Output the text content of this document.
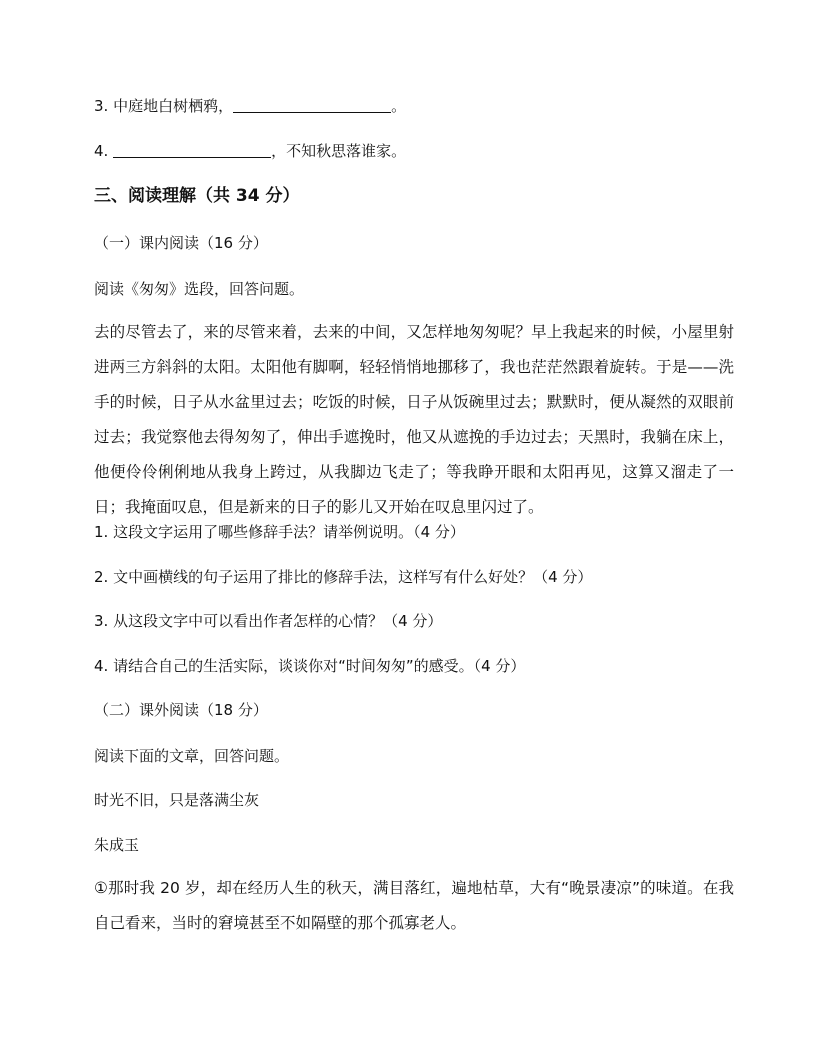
3. 中庭地白树栖鸦，	。
4.	，不知秋思落谁家。
三、阅读理解（共 34 分）
（一）课内阅读（16 分）
阅读《匆匆》选段，回答问题。
去的尽管去了，来的尽管来着，去来的中间，又怎样地匆匆呢？早上我起来的时候，小屋里射进两三方斜斜的太阳。太阳他有脚啊，轻轻悄悄地挪移了，我也茫茫然跟着旋转。于是——洗手的时候，日子从水盆里过去；吃饭的时候，日子从饭碗里过去；默默时，便从凝然的双眼前过去；我觉察他去得匆匆了，伸出手遮挽时，他又从遮挽的手边过去；天黑时，我躺在床上，他便伶伶俐俐地从我身上跨过，从我脚边飞走了；等我睁开眼和太阳再见，这算又溜走了一日；我掩面叹息，但是新来的日子的影儿又开始在叹息里闪过了。
1. 这段文字运用了哪些修辞手法？请举例说明。（4 分）
2. 文中画横线的句子运用了排比的修辞手法，这样写有什么好处？（4 分）
3. 从这段文字中可以看出作者怎样的心情？（4 分）
4. 请结合自己的生活实际，谈谈你对“时间匆匆”的感受。（4 分）
（二）课外阅读（18 分）
阅读下面的文章，回答问题。
时光不旧，只是落满尘灰
朱成玉
①那时我 20 岁，却在经历人生的秋天，满目落红，遍地枯草，大有“晚景凄凉”的味道。在我自己看来，当时的窘境甚至不如隔壁的那个孤寡老人。
